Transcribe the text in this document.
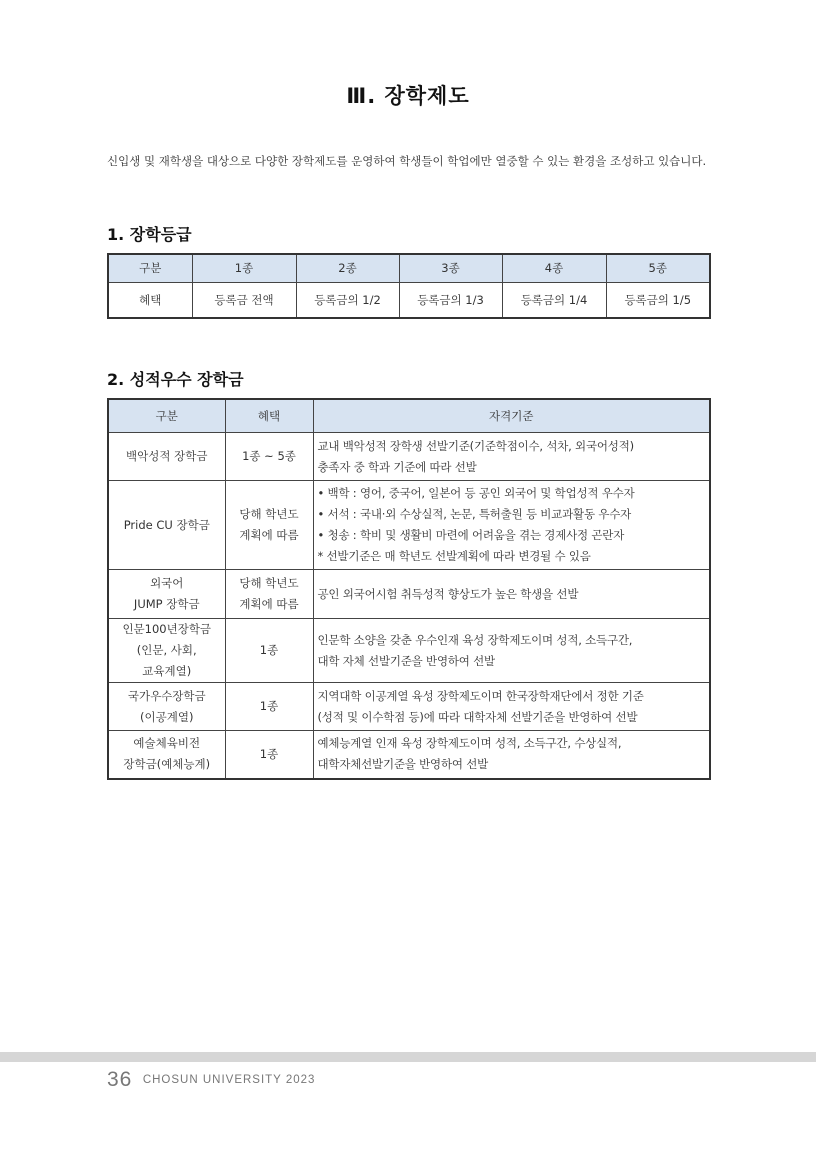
Ⅲ. 장학제도
신입생 및 재학생을 대상으로 다양한 장학제도를 운영하여 학생들이 학업에만 열중할 수 있는 환경을 조성하고 있습니다.
1. 장학등급
구분	1종	2종	3종	4종	5종
혜택	등록금 전액	등록금의 1/2	등록금의 1/3	등록금의 1/4	등록금의 1/5
2. 성적우수 장학금
구분	혜택	자격기준

백악성적 장학금	1종 ~ 5종	교내 백악성적 장학생 선발기준(기준학점이수, 석차, 외국어성적)
충족자 중 학과 기준에 따라 선발

Pride CU 장학금	당해 학년도
계획에 따름	• 백학 : 영어, 중국어, 일본어 등 공인 외국어 및 학업성적 우수자
• 서석 : 국내·외 수상실적, 논문, 특허출원 등 비교과활동 우수자
• 청송 : 학비 및 생활비 마련에 어려움을 겪는 경제사정 곤란자
* 선발기준은 매 학년도 선발계획에 따라 변경될 수 있음

외국어
JUMP 장학금	당해 학년도
계획에 따름	공인 외국어시험 취득성적 향상도가 높은 학생을 선발

인문100년장학금
(인문, 사회,
교육계열)	1종	인문학 소양을 갖춘 우수인재 육성 장학제도이며 성적, 소득구간,
대학 자체 선발기준을 반영하여 선발

국가우수장학금
(이공계열)	1종	지역대학 이공계열 육성 장학제도이며 한국장학재단에서 정한 기준
(성적 및 이수학점 등)에 따라 대학자체 선발기준을 반영하여 선발

예술체육비전
장학금(예체능계)	1종	예체능계열 인재 육성 장학제도이며 성적, 소득구간, 수상실적,
대학자체선발기준을 반영하여 선발
36 CHOSUN UNIVERSITY 2023
